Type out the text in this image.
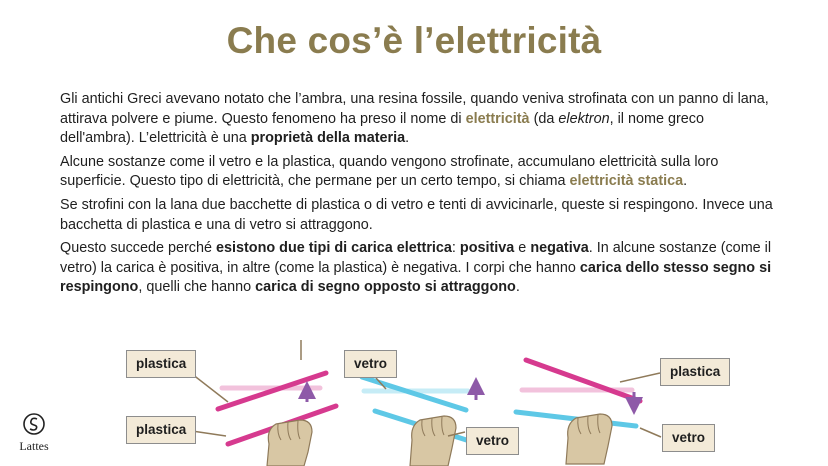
Che cos’è l’elettricità

Gli antichi Greci avevano notato che l’ambra, una resina fossile, quando veniva strofinata con un panno di lana, attirava polvere e piume. Questo fenomeno ha preso il nome di elettricità (da elektron, il nome greco dell'ambra). L’elettricità è una proprietà della materia.

Alcune sostanze come il vetro e la plastica, quando vengono strofinate, accumulano elettricità sulla loro superficie. Questo tipo di elettricità, che permane per un certo tempo, si chiama elettricità statica.

Se strofini con la lana due bacchette di plastica o di vetro e tenti di avvicinarle, queste si respingono. Invece una bacchetta di plastica e una di vetro si attraggono.

Questo succede perché esistono due tipi di carica elettrica: positiva e negativa. In alcune sostanze (come il vetro) la carica è positiva, in altre (come la plastica) è negativa. I corpi che hanno carica dello stesso segno si respingono, quelli che hanno carica di segno opposto si attraggono.

plastica
plastica
vetro
vetro
plastica
vetro
Lattes
